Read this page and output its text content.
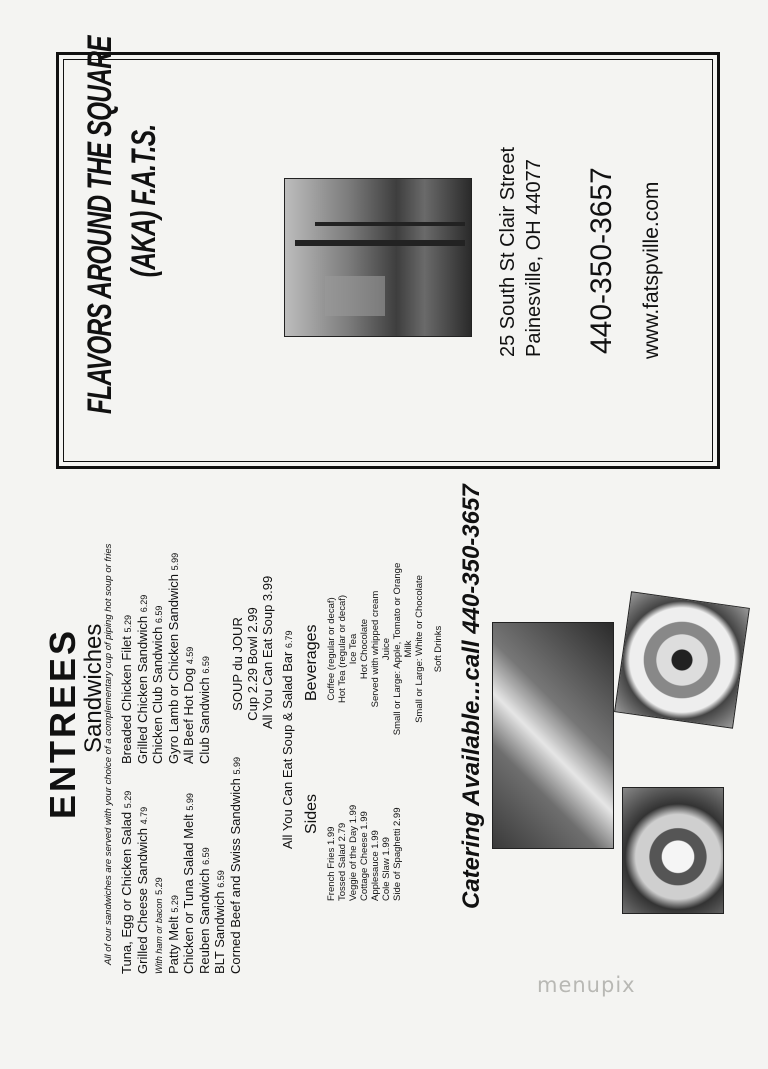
ENTREES
Sandwiches
All of our sandwiches are served with your choice of a complementary cup of piping hot soup or fries Tuna, Egg or Chicken Salad 5.29
Grilled Cheese Sandwich 4.79
With ham or bacon 5.29
Patty Melt 5.29 Chicken or Tuna Salad Melt 5.99
Reuben Sandwich 6.59
BLT Sandwich 6.59 Corned Beef and Swiss Sandwich 5.99
Breaded Chicken Filet 5.29 Grilled Chicken Sandwich 6.29
Chicken Club Sandwich 6.59 Gyro Lamb or Chicken Sandwich 5.99
All Beef Hot Dog 4.59
Club Sandwich 6.59 SOUP du JOUR Cup 2.29 Bowl 2.99 All You Can Eat Soup 3.99 All You Can Eat Soup & Salad Bar 6.79
Sides
French Fries 1.99 Tossed Salad 2.79 Veggie of the Day 1.99 Cottage Cheese 1.99 Applesauce 1.99 Cole Slaw 1.99 Side of Spaghetti 2.99
Beverages Coffee (regular or decaf) Hot Tea (regular or decaf) Ice Tea Hot Chocolate Served with whipped cream Juice Small or Large: Apple, Tomato or Orange Milk Small or Large: White or Chocolate Soft Drinks Catering Available...call 440-350-3657
FLAVORS AROUND THE SQUARE (AKA) F.A.T.S.	25 South St Clair Street Painesville, OH 44077 440-350-3657 www.fatspville.com
menupix
